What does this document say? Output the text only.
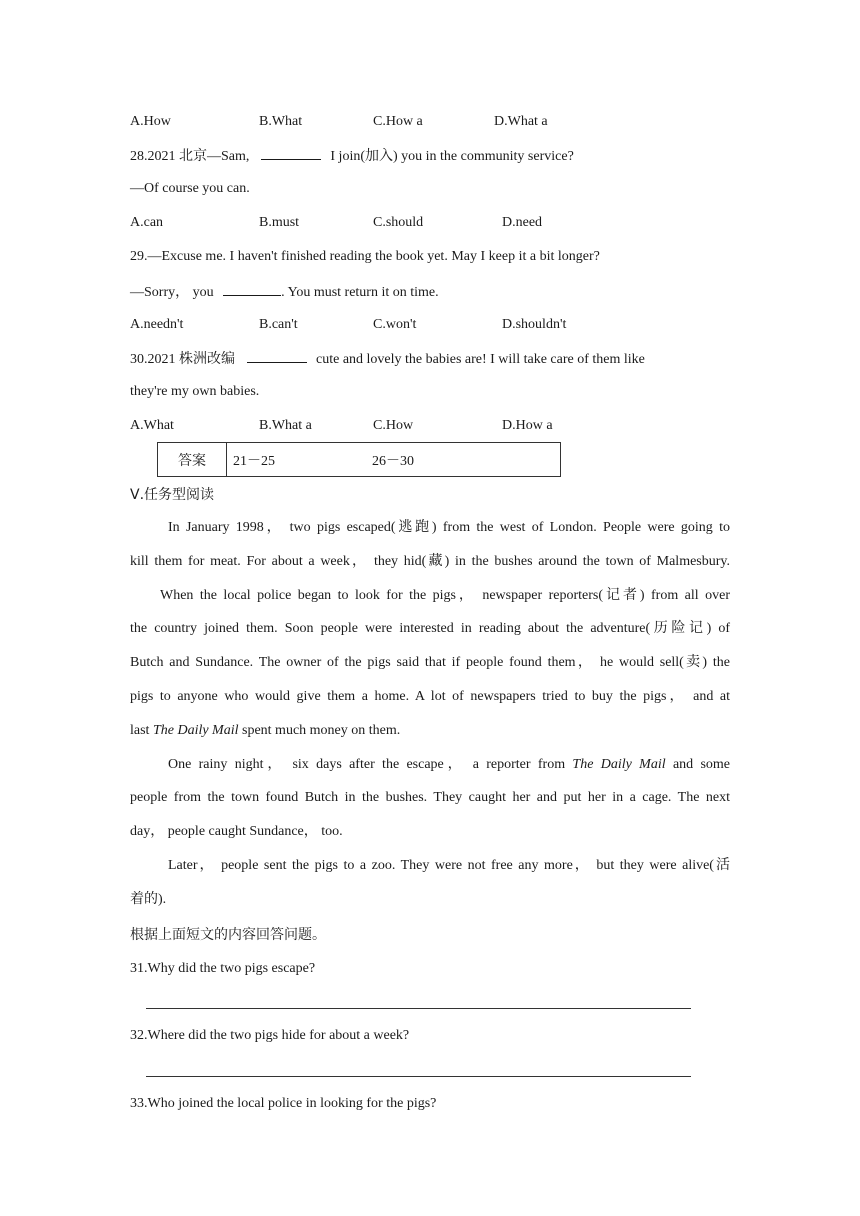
A.How	B.What	C.How a	D.What a
28.2021 北京—Sam,	I join(加入) you in the community service?
—Of course you can.
A.can	B.must	C.should	D.need
29.—Excuse me. I haven't finished reading the book yet. May I keep it a bit longer?
—Sorry， you	. You must return it on time.
A.needn't	B.can't	C.won't	D.shouldn't
30.2021 株洲改编	cute and lovely the babies are! I will take care of them like
they're my own babies.
A.What	B.What a	C.How	D.How a
答案	21－25	26－30
Ⅴ.任务型阅读
In January 1998， two pigs escaped(逃跑) from the west of London. People were going to
kill them for meat. For about a week， they hid(藏) in the bushes around the town of Malmesbury.
When the local police began to look for the pigs， newspaper reporters(记者) from all over
the country joined them. Soon people were interested in reading about the adventure(历险记) of
Butch and Sundance. The owner of the pigs said that if people found them， he would sell(卖) the
pigs to anyone who would give them a home. A lot of newspapers tried to buy the pigs， and at
last The Daily Mail spent much money on them.
One rainy night， six days after the escape， a reporter from The Daily Mail and some
people from the town found Butch in the bushes. They caught her and put her in a cage. The next
day， people caught Sundance， too.
Later， people sent the pigs to a zoo. They were not free any more， but they were alive(活
着的).
根据上面短文的内容回答问题。
31.Why did the two pigs escape?
32.Where did the two pigs hide for about a week?
33.Who joined the local police in looking for the pigs?
